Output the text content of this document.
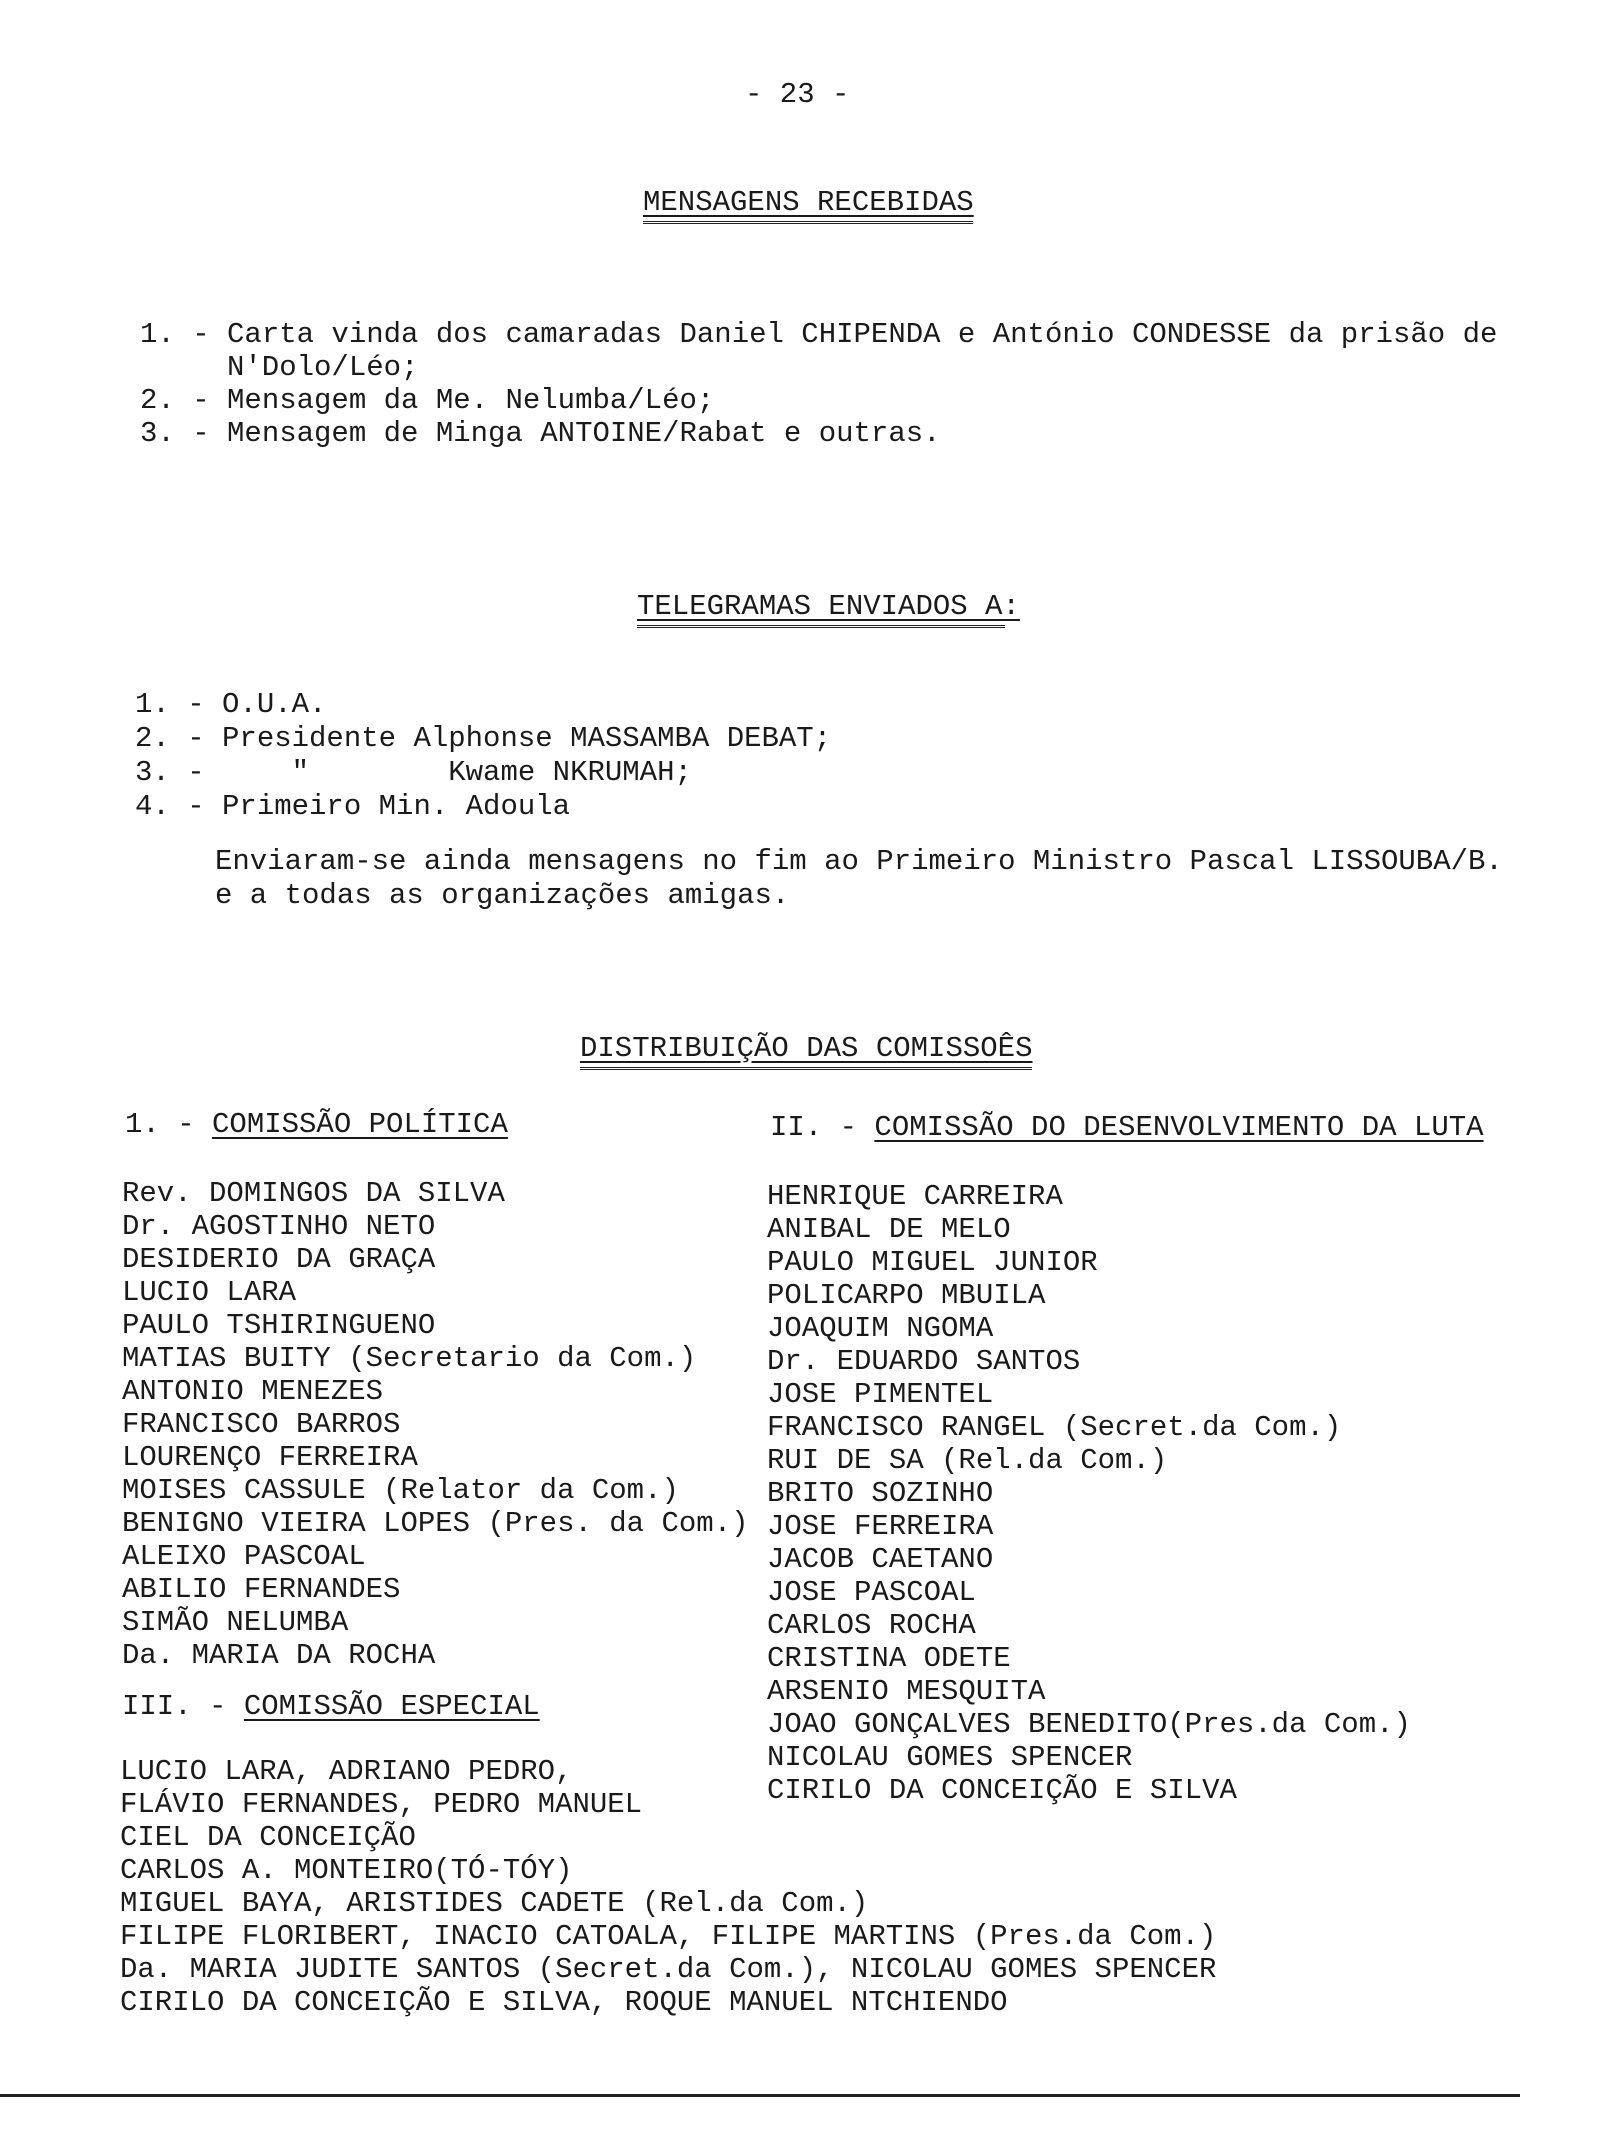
- 23 -
MENSAGENS RECEBIDAS
1. - Carta vinda dos camaradas Daniel CHIPENDA e António CONDESSE da prisão de
N'Dolo/Léo;
2. - Mensagem da Me. Nelumba/Léo;
3. - Mensagem de Minga ANTOINE/Rabat e outras.
TELEGRAMAS ENVIADOS A:
1. - O.U.A.
2. - Presidente Alphonse MASSAMBA DEBAT;
3. -     "        Kwame NKRUMAH;
4. - Primeiro Min. Adoula
Enviaram-se ainda mensagens no fim ao Primeiro Ministro Pascal LISSOUBA/B.
e a todas as organizações amigas.
DISTRIBUIÇÃO DAS COMISSOÊS
1. - COMISSÃO POLÍTICA
Rev. DOMINGOS DA SILVA
Dr. AGOSTINHO NETO
DESIDERIO DA GRAÇA
LUCIO LARA
PAULO TSHIRINGUENO
MATIAS BUITY (Secretario da Com.)
ANTONIO MENEZES
FRANCISCO BARROS
LOURENÇO FERREIRA
MOISES CASSULE (Relator da Com.)
BENIGNO VIEIRA LOPES (Pres. da Com.)
ALEIXO PASCOAL
ABILIO FERNANDES
SIMÃO NELUMBA
Da. MARIA DA ROCHA
II. - COMISSÃO DO DESENVOLVIMENTO DA LUTA
HENRIQUE CARREIRA
ANIBAL DE MELO
PAULO MIGUEL JUNIOR
POLICARPO MBUILA
JOAQUIM NGOMA
Dr. EDUARDO SANTOS
JOSE PIMENTEL
FRANCISCO RANGEL (Secret.da Com.)
RUI DE SA (Rel.da Com.)
BRITO SOZINHO
JOSE FERREIRA
JACOB CAETANO
JOSE PASCOAL
CARLOS ROCHA
CRISTINA ODETE
ARSENIO MESQUITA
JOAO GONÇALVES BENEDITO(Pres.da Com.)
NICOLAU GOMES SPENCER
CIRILO DA CONCEIÇÃO E SILVA
III. - COMISSÃO ESPECIAL
LUCIO LARA, ADRIANO PEDRO,
FLÁVIO FERNANDES, PEDRO MANUEL
CIEL DA CONCEIÇÃO
CARLOS A. MONTEIRO(TÓ-TÓY)
MIGUEL BAYA, ARISTIDES CADETE (Rel.da Com.)
FILIPE FLORIBERT, INACIO CATOALA, FILIPE MARTINS (Pres.da Com.)
Da. MARIA JUDITE SANTOS (Secret.da Com.), NICOLAU GOMES SPENCER
CIRILO DA CONCEIÇÃO E SILVA, ROQUE MANUEL NTCHIENDO
